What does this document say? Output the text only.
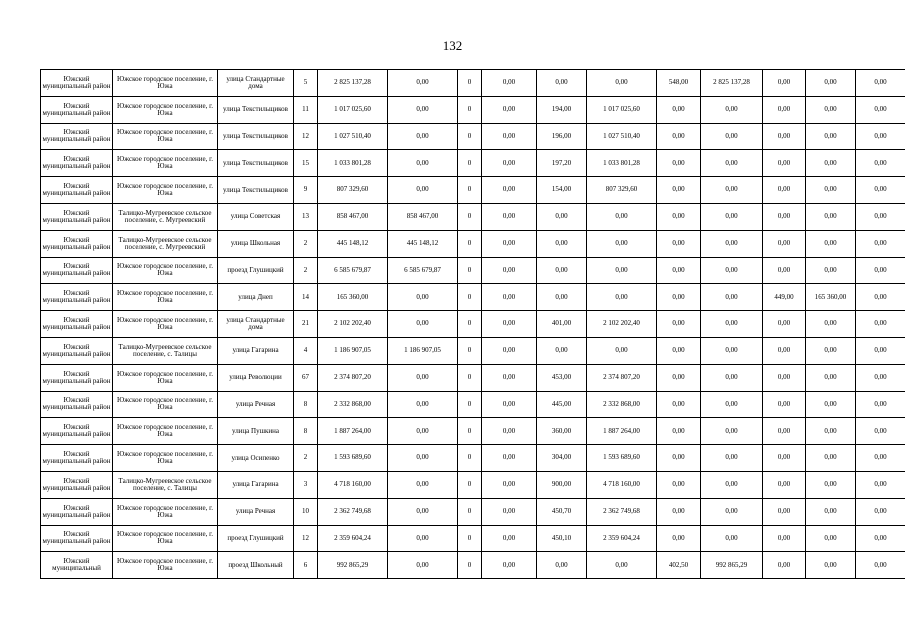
132
Южский муниципальный район	Южское городское поселение, г. Южа	улица Стандартные дома	5	2 825 137,28	0,00	0	0,00	0,00	0,00	548,00	2 825 137,28	0,00	0,00	0,00
Южский муниципальный район	Южское городское поселение, г. Южа	улица Текстильщиков	11	1 017 025,60	0,00	0	0,00	194,00	1 017 025,60	0,00	0,00	0,00	0,00	0,00
Южский муниципальный район	Южское городское поселение, г. Южа	улица Текстильщиков	12	1 027 510,40	0,00	0	0,00	196,00	1 027 510,40	0,00	0,00	0,00	0,00	0,00
Южский муниципальный район	Южское городское поселение, г. Южа	улица Текстильщиков	15	1 033 801,28	0,00	0	0,00	197,20	1 033 801,28	0,00	0,00	0,00	0,00	0,00
Южский муниципальный район	Южское городское поселение, г. Южа	улица Текстильщиков	9	807 329,60	0,00	0	0,00	154,00	807 329,60	0,00	0,00	0,00	0,00	0,00
Южский муниципальный район	Талицко-Мугреевское сельское поселение, с. Мугреевский	улица Советская	13	858 467,00	858 467,00	0	0,00	0,00	0,00	0,00	0,00	0,00	0,00	0,00
Южский муниципальный район	Талицко-Мугреевское сельское поселение, с. Мугреевский	улица Школьная	2	445 148,12	445 148,12	0	0,00	0,00	0,00	0,00	0,00	0,00	0,00	0,00
Южский муниципальный район	Южское городское поселение, г. Южа	проезд Глушицкий	2	6 585 679,87	6 585 679,87	0	0,00	0,00	0,00	0,00	0,00	0,00	0,00	0,00
Южский муниципальный район	Южское городское поселение, г. Южа	улица Днеп	14	165 360,00	0,00	0	0,00	0,00	0,00	0,00	0,00	449,00	165 360,00	0,00
Южский муниципальный район	Южское городское поселение, г. Южа	улица Стандартные дома	21	2 102 202,40	0,00	0	0,00	401,00	2 102 202,40	0,00	0,00	0,00	0,00	0,00
Южский муниципальный район	Талицко-Мугреевское сельское поселение, с. Талицы	улица Гагарина	4	1 186 907,05	1 186 907,05	0	0,00	0,00	0,00	0,00	0,00	0,00	0,00	0,00
Южский муниципальный район	Южское городское поселение, г. Южа	улица Революции	67	2 374 807,20	0,00	0	0,00	453,00	2 374 807,20	0,00	0,00	0,00	0,00	0,00
Южский муниципальный район	Южское городское поселение, г. Южа	улица Речная	8	2 332 868,00	0,00	0	0,00	445,00	2 332 868,00	0,00	0,00	0,00	0,00	0,00
Южский муниципальный район	Южское городское поселение, г. Южа	улица Пушкина	8	1 887 264,00	0,00	0	0,00	360,00	1 887 264,00	0,00	0,00	0,00	0,00	0,00
Южский муниципальный район	Южское городское поселение, г. Южа	улица Осипенко	2	1 593 689,60	0,00	0	0,00	304,00	1 593 689,60	0,00	0,00	0,00	0,00	0,00
Южский муниципальный район	Талицко-Мугреевское сельское поселение, с. Талицы	улица Гагарина	3	4 718 160,00	0,00	0	0,00	900,00	4 718 160,00	0,00	0,00	0,00	0,00	0,00
Южский муниципальный район	Южское городское поселение, г. Южа	улица Речная	10	2 362 749,68	0,00	0	0,00	450,70	2 362 749,68	0,00	0,00	0,00	0,00	0,00
Южский муниципальный район	Южское городское поселение, г. Южа	проезд Глушицкий	12	2 359 604,24	0,00	0	0,00	450,10	2 359 604,24	0,00	0,00	0,00	0,00	0,00
Южский муниципальный	Южское городское поселение, г. Южа	проезд Школьный	6	992 865,29	0,00	0	0,00	0,00	0,00	402,50	992 865,29	0,00	0,00	0,00
